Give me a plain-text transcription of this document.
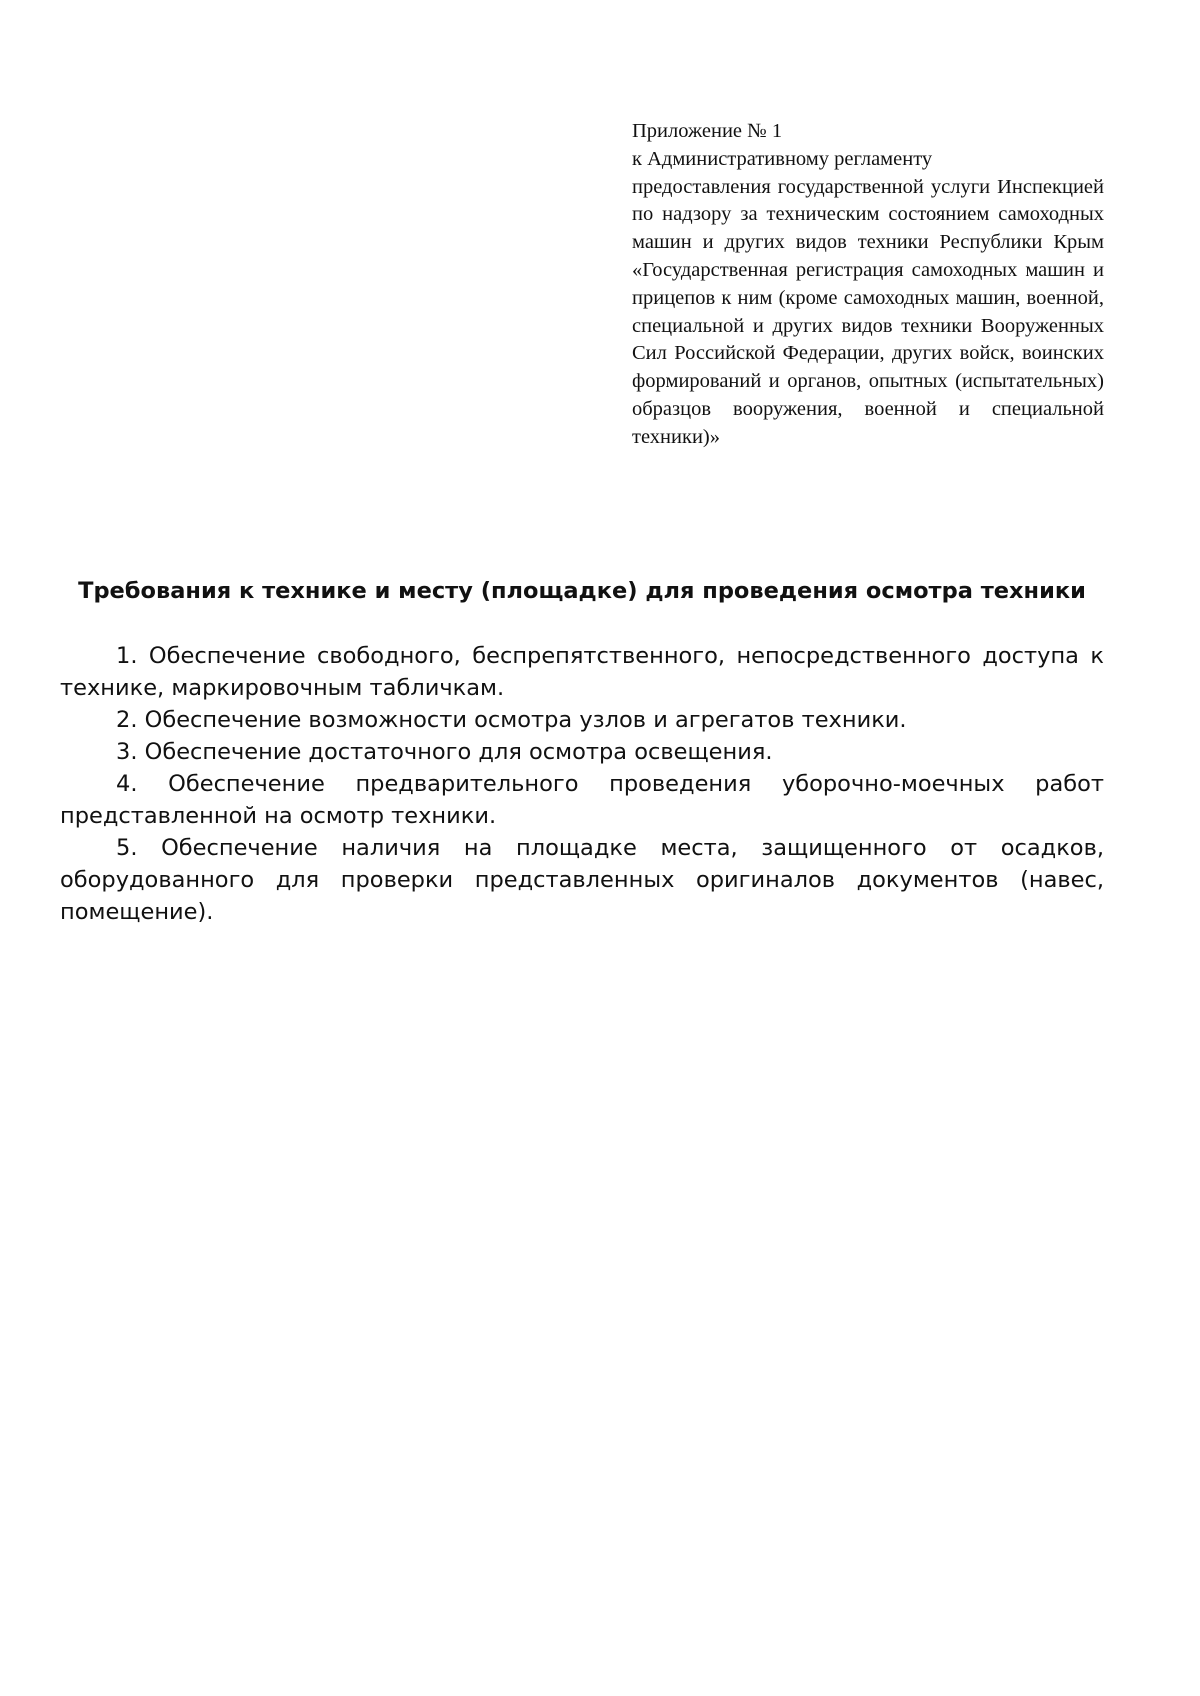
Приложение № 1
к Административному регламенту
предоставления государственной услуги Инспекцией по надзору за техническим состоянием самоходных машин и других видов техники Республики Крым «Государственная регистрация самоходных машин и прицепов к ним (кроме самоходных машин, военной, специальной и других видов техники Вооруженных Сил Российской Федерации, других войск, воинских формирований и органов, опытных (испытательных) образцов вооружения, военной и специальной техники)»
Требования к технике и месту (площадке) для проведения осмотра техники

1. Обеспечение свободного, беспрепятственного, непосредственного доступа к технике, маркировочным табличкам.

2. Обеспечение возможности осмотра узлов и агрегатов техники.

3. Обеспечение достаточного для осмотра освещения.

4. Обеспечение предварительного проведения уборочно-моечных работ представленной на осмотр техники.

5. Обеспечение наличия на площадке места, защищенного от осадков, оборудованного для проверки представленных оригиналов документов (навес, помещение).
